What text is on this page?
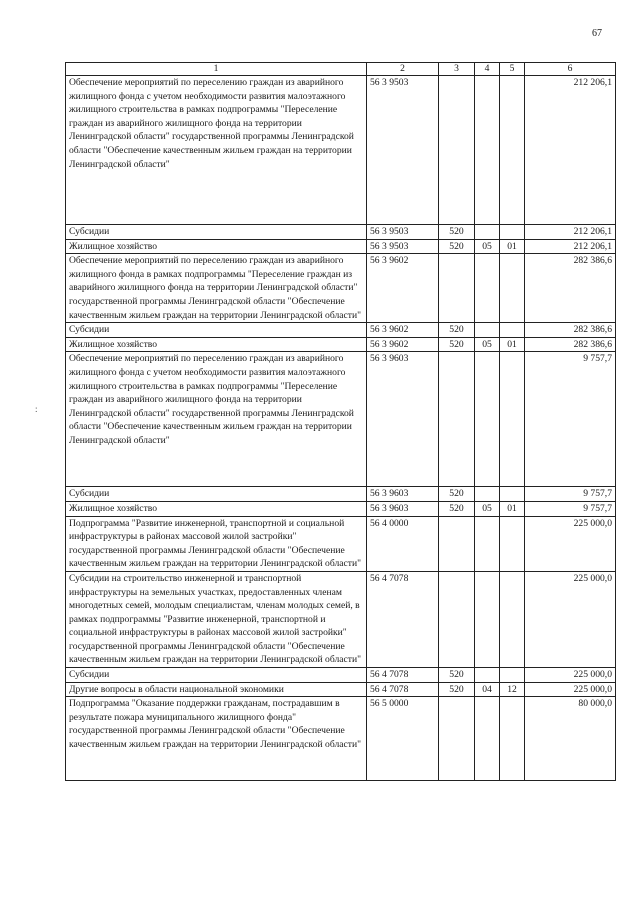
67
:
1	2	3	4	5	6
Обеспечение мероприятий по переселению граждан из аварийного жилищного фонда с учетом необходимости развития малоэтажного жилищного строительства в рамках подпрограммы "Переселение граждан из аварийного жилищного фонда на территории Ленинградской области" государственной программы Ленинградской области "Обеспечение качественным жильем граждан на территории Ленинградской области"	56 3 9503				212 206,1
Субсидии	56 3 9503	520			212 206,1
Жилищное хозяйство	56 3 9503	520	05	01	212 206,1
Обеспечение мероприятий по переселению граждан из аварийного жилищного фонда в рамках подпрограммы "Переселение граждан из аварийного жилищного фонда на территории Ленинградской области" государственной программы Ленинградской области "Обеспечение качественным жильем граждан на территории Ленинградской области"	56 3 9602				282 386,6
Субсидии	56 3 9602	520			282 386,6
Жилищное хозяйство	56 3 9602	520	05	01	282 386,6
Обеспечение мероприятий по переселению граждан из аварийного жилищного фонда с учетом необходимости развития малоэтажного жилищного строительства в рамках подпрограммы "Переселение граждан из аварийного жилищного фонда на территории Ленинградской области" государственной программы Ленинградской области "Обеспечение качественным жильем граждан на территории Ленинградской области"	56 3 9603				9 757,7
Субсидии	56 3 9603	520			9 757,7
Жилищное хозяйство	56 3 9603	520	05	01	9 757,7
Подпрограмма "Развитие инженерной, транспортной и социальной инфраструктуры в районах массовой жилой застройки" государственной программы Ленинградской области "Обеспечение качественным жильем граждан на территории Ленинградской области"	56 4 0000				225 000,0
Субсидии на строительство инженерной и транспортной инфраструктуры на земельных участках, предоставленных членам многодетных семей, молодым специалистам, членам молодых семей, в рамках подпрограммы "Развитие инженерной, транспортной и социальной инфраструктуры в районах массовой жилой застройки" государственной программы Ленинградской области "Обеспечение качественным жильем граждан на территории Ленинградской области"	56 4 7078				225 000,0
Субсидии	56 4 7078	520			225 000,0
Другие вопросы в области национальной экономики	56 4 7078	520	04	12	225 000,0
Подпрограмма "Оказание поддержки гражданам, пострадавшим в результате пожара муниципального жилищного фонда" государственной программы Ленинградской области "Обеспечение качественным жильем граждан на территории Ленинградской области"	56 5 0000				80 000,0
